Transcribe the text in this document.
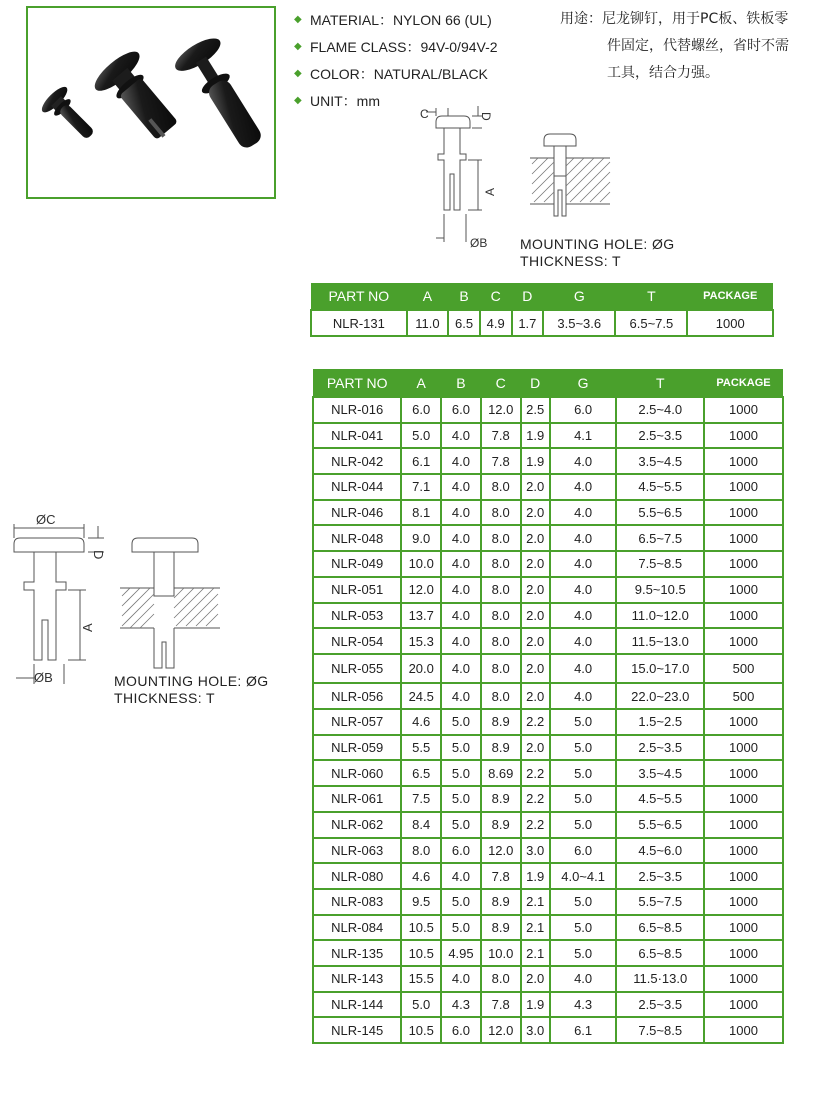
◆ MATERIAL：NYLON 66 (UL)
◆ FLAME CLASS：94V-0/94V-2
◆ COLOR：NATURAL/BLACK
◆ UNIT：mm
用途：尼龙铆钉，用于PC板、铁板零
件固定，代替螺丝，省时不需
工具，结合力强。
C	D
A
ØB MOUNTING HOLE: ØG
THICKNESS: T
PART NO	A	B	C	D	G	T	PACKAGE
NLR-131	11.0	6.5	4.9	1.7	3.5~3.6	6.5~7.5	1000
ØC
D
A
ØB	MOUNTING HOLE: ØG
THICKNESS: T
PART NO	A	B	C	D	G	T	PACKAGE
NLR-016	6.0	6.0	12.0	2.5	6.0	2.5~4.0	1000
NLR-041	5.0	4.0	7.8	1.9	4.1	2.5~3.5	1000
NLR-042	6.1	4.0	7.8	1.9	4.0	3.5~4.5	1000
NLR-044	7.1	4.0	8.0	2.0	4.0	4.5~5.5	1000
NLR-046	8.1	4.0	8.0	2.0	4.0	5.5~6.5	1000
NLR-048	9.0	4.0	8.0	2.0	4.0	6.5~7.5	1000
NLR-049	10.0	4.0	8.0	2.0	4.0	7.5~8.5	1000
NLR-051	12.0	4.0	8.0	2.0	4.0	9.5~10.5	1000
NLR-053	13.7	4.0	8.0	2.0	4.0	11.0~12.0	1000
NLR-054	15.3	4.0	8.0	2.0	4.0	11.5~13.0	1000
NLR-055	20.0	4.0	8.0	2.0	4.0	15.0~17.0	500
NLR-056	24.5	4.0	8.0	2.0	4.0	22.0~23.0	500
NLR-057	4.6	5.0	8.9	2.2	5.0	1.5~2.5	1000
NLR-059	5.5	5.0	8.9	2.0	5.0	2.5~3.5	1000
NLR-060	6.5	5.0	8.69	2.2	5.0	3.5~4.5	1000
NLR-061	7.5	5.0	8.9	2.2	5.0	4.5~5.5	1000
NLR-062	8.4	5.0	8.9	2.2	5.0	5.5~6.5	1000
NLR-063	8.0	6.0	12.0	3.0	6.0	4.5~6.0	1000
NLR-080	4.6	4.0	7.8	1.9	4.0~4.1	2.5~3.5	1000
NLR-083	9.5	5.0	8.9	2.1	5.0	5.5~7.5	1000
NLR-084	10.5	5.0	8.9	2.1	5.0	6.5~8.5	1000
NLR-135	10.5	4.95	10.0	2.1	5.0	6.5~8.5	1000
NLR-143	15.5	4.0	8.0	2.0	4.0	11.5·13.0	1000
NLR-144	5.0	4.3	7.8	1.9	4.3	2.5~3.5	1000
NLR-145	10.5	6.0	12.0	3.0	6.1	7.5~8.5	1000
